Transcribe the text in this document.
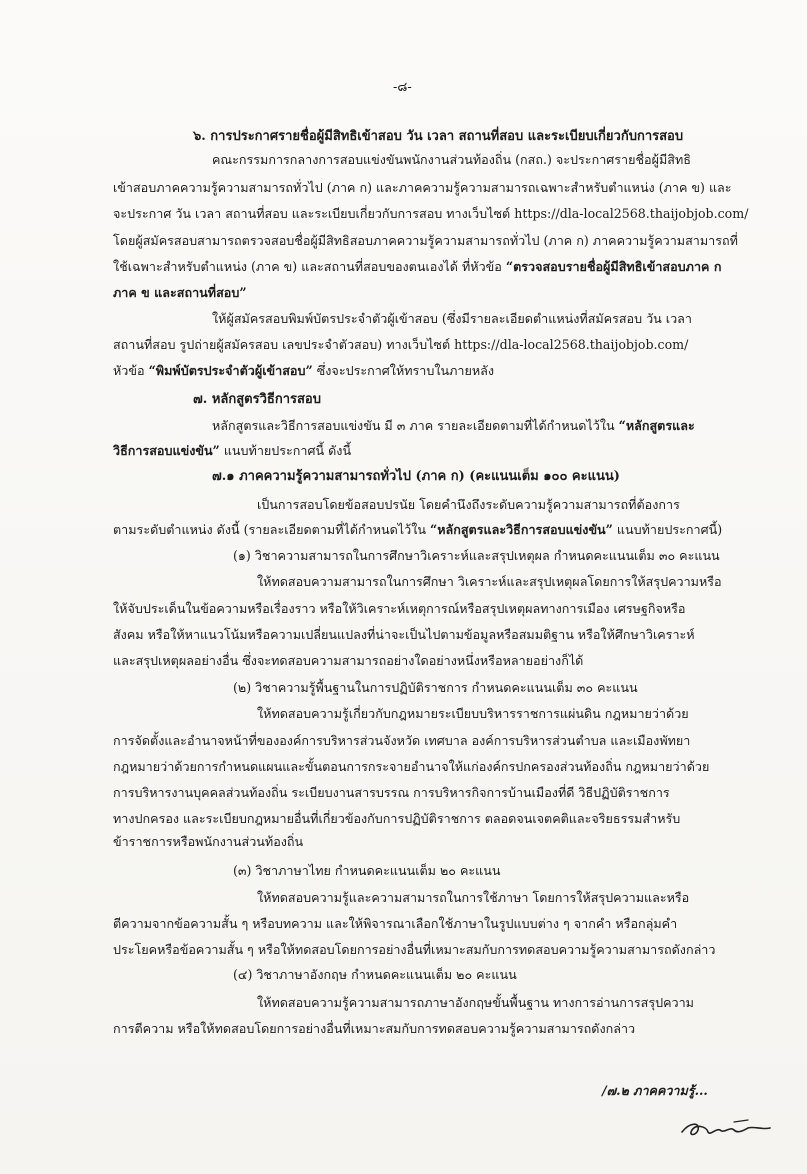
-๘-
๖. การประกาศรายชื่อผู้มีสิทธิเข้าสอบ วัน เวลา สถานที่สอบ และระเบียบเกี่ยวกับการสอบ
คณะกรรมการกลางการสอบแข่งขันพนักงานส่วนท้องถิ่น (กสถ.) จะประกาศรายชื่อผู้มีสิทธิ
เข้าสอบภาคความรู้ความสามารถทั่วไป (ภาค ก) และภาคความรู้ความสามารถเฉพาะสำหรับตำแหน่ง (ภาค ข) และ
จะประกาศ วัน เวลา สถานที่สอบ และระเบียบเกี่ยวกับการสอบ ทางเว็บไซต์ https://dla-local2568.thaijobjob.com/
โดยผู้สมัครสอบสามารถตรวจสอบชื่อผู้มีสิทธิสอบภาคความรู้ความสามารถทั่วไป (ภาค ก) ภาคความรู้ความสามารถที่
ใช้เฉพาะสำหรับตำแหน่ง (ภาค ข) และสถานที่สอบของตนเองได้ ที่หัวข้อ “ตรวจสอบรายชื่อผู้มีสิทธิเข้าสอบภาค ก
ภาค ข และสถานที่สอบ”
ให้ผู้สมัครสอบพิมพ์บัตรประจำตัวผู้เข้าสอบ (ซึ่งมีรายละเอียดตำแหน่งที่สมัครสอบ วัน เวลา
สถานที่สอบ รูปถ่ายผู้สมัครสอบ เลขประจำตัวสอบ) ทางเว็บไซต์ https://dla-local2568.thaijobjob.com/
หัวข้อ “พิมพ์บัตรประจำตัวผู้เข้าสอบ” ซึ่งจะประกาศให้ทราบในภายหลัง
๗. หลักสูตรวิธีการสอบ
หลักสูตรและวิธีการสอบแข่งขัน มี ๓ ภาค รายละเอียดตามที่ได้กำหนดไว้ใน “หลักสูตรและ
วิธีการสอบแข่งขัน” แนบท้ายประกาศนี้ ดังนี้
๗.๑ ภาคความรู้ความสามารถทั่วไป (ภาค ก) (คะแนนเต็ม ๑๐๐ คะแนน)
เป็นการสอบโดยข้อสอบปรนัย โดยคำนึงถึงระดับความรู้ความสามารถที่ต้องการ
ตามระดับตำแหน่ง ดังนี้ (รายละเอียดตามที่ได้กำหนดไว้ใน “หลักสูตรและวิธีการสอบแข่งขัน” แนบท้ายประกาศนี้)
(๑) วิชาความสามารถในการศึกษาวิเคราะห์และสรุปเหตุผล กำหนดคะแนนเต็ม ๓๐ คะแนน
ให้ทดสอบความสามารถในการศึกษา วิเคราะห์และสรุปเหตุผลโดยการให้สรุปความหรือ
ให้จับประเด็นในข้อความหรือเรื่องราว หรือให้วิเคราะห์เหตุการณ์หรือสรุปเหตุผลทางการเมือง เศรษฐกิจหรือ
สังคม หรือให้หาแนวโน้มหรือความเปลี่ยนแปลงที่น่าจะเป็นไปตามข้อมูลหรือสมมติฐาน หรือให้ศึกษาวิเคราะห์
และสรุปเหตุผลอย่างอื่น ซึ่งจะทดสอบความสามารถอย่างใดอย่างหนึ่งหรือหลายอย่างก็ได้
(๒) วิชาความรู้พื้นฐานในการปฏิบัติราชการ กำหนดคะแนนเต็ม ๓๐ คะแนน
ให้ทดสอบความรู้เกี่ยวกับกฎหมายระเบียบบริหารราชการแผ่นดิน กฎหมายว่าด้วย
การจัดตั้งและอำนาจหน้าที่ขององค์การบริหารส่วนจังหวัด เทศบาล องค์การบริหารส่วนตำบล และเมืองพัทยา
กฎหมายว่าด้วยการกำหนดแผนและขั้นตอนการกระจายอำนาจให้แก่องค์กรปกครองส่วนท้องถิ่น กฎหมายว่าด้วย
การบริหารงานบุคคลส่วนท้องถิ่น ระเบียบงานสารบรรณ การบริหารกิจการบ้านเมืองที่ดี วิธีปฏิบัติราชการ
ทางปกครอง และระเบียบกฎหมายอื่นที่เกี่ยวข้องกับการปฏิบัติราชการ ตลอดจนเจตคติและจริยธรรมสำหรับ
ข้าราชการหรือพนักงานส่วนท้องถิ่น
(๓) วิชาภาษาไทย กำหนดคะแนนเต็ม ๒๐ คะแนน
ให้ทดสอบความรู้และความสามารถในการใช้ภาษา โดยการให้สรุปความและหรือ
ตีความจากข้อความสั้น ๆ หรือบทความ และให้พิจารณาเลือกใช้ภาษาในรูปแบบต่าง ๆ จากคำ หรือกลุ่มคำ
ประโยคหรือข้อความสั้น ๆ หรือให้ทดสอบโดยการอย่างอื่นที่เหมาะสมกับการทดสอบความรู้ความสามารถดังกล่าว
(๔) วิชาภาษาอังกฤษ กำหนดคะแนนเต็ม ๒๐ คะแนน
ให้ทดสอบความรู้ความสามารถภาษาอังกฤษขั้นพื้นฐาน ทางการอ่านการสรุปความ
การตีความ หรือให้ทดสอบโดยการอย่างอื่นที่เหมาะสมกับการทดสอบความรู้ความสามารถดังกล่าว
/๗.๒ ภาคความรู้...
